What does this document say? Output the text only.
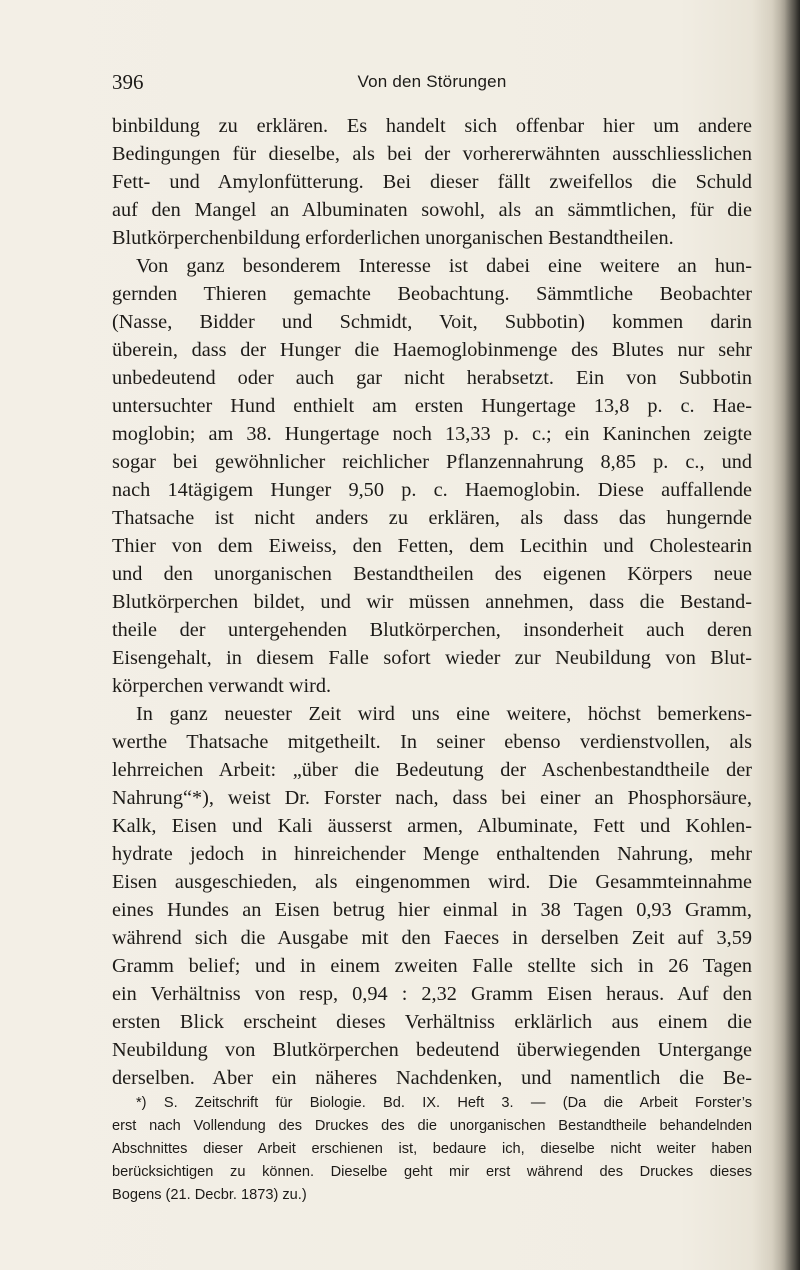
396	Von den Störungen
binbildung zu erklären. Es handelt sich offenbar hier um andere
Bedingungen für dieselbe, als bei der vorhererwähnten ausschliesslichen
Fett- und Amylonfütterung. Bei dieser fällt zweifellos die Schuld
auf den Mangel an Albuminaten sowohl, als an sämmtlichen, für die
Blutkörperchenbildung erforderlichen unorganischen Bestandtheilen.
Von ganz besonderem Interesse ist dabei eine weitere an hun-
gernden Thieren gemachte Beobachtung. Sämmtliche Beobachter
(Nasse, Bidder und Schmidt, Voit, Subbotin) kommen darin
überein, dass der Hunger die Haemoglobinmenge des Blutes nur sehr
unbedeutend oder auch gar nicht herabsetzt. Ein von Subbotin
untersuchter Hund enthielt am ersten Hungertage 13,8 p. c. Hae-
moglobin; am 38. Hungertage noch 13,33 p. c.; ein Kaninchen zeigte
sogar bei gewöhnlicher reichlicher Pflanzennahrung 8,85 p. c., und
nach 14tägigem Hunger 9,50 p. c. Haemoglobin. Diese auffallende
Thatsache ist nicht anders zu erklären, als dass das hungernde
Thier von dem Eiweiss, den Fetten, dem Lecithin und Cholestearin
und den unorganischen Bestandtheilen des eigenen Körpers neue
Blutkörperchen bildet, und wir müssen annehmen, dass die Bestand-
theile der untergehenden Blutkörperchen, insonderheit auch deren
Eisengehalt, in diesem Falle sofort wieder zur Neubildung von Blut-
körperchen verwandt wird.
In ganz neuester Zeit wird uns eine weitere, höchst bemerkens-
werthe Thatsache mitgetheilt. In seiner ebenso verdienstvollen, als
lehrreichen Arbeit: „über die Bedeutung der Aschenbestandtheile der
Nahrung“*), weist Dr. Forster nach, dass bei einer an Phosphorsäure,
Kalk, Eisen und Kali äusserst armen, Albuminate, Fett und Kohlen-
hydrate jedoch in hinreichender Menge enthaltenden Nahrung, mehr
Eisen ausgeschieden, als eingenommen wird. Die Gesammteinnahme
eines Hundes an Eisen betrug hier einmal in 38 Tagen 0,93 Gramm,
während sich die Ausgabe mit den Faeces in derselben Zeit auf 3,59
Gramm belief; und in einem zweiten Falle stellte sich in 26 Tagen
ein Verhältniss von resp, 0,94 : 2,32 Gramm Eisen heraus. Auf den
ersten Blick erscheint dieses Verhältniss erklärlich aus einem die
Neubildung von Blutkörperchen bedeutend überwiegenden Untergange
derselben. Aber ein näheres Nachdenken, und namentlich die Be-
*) S. Zeitschrift für Biologie. Bd. IX. Heft 3. — (Da die Arbeit Forster’s
erst nach Vollendung des Druckes des die unorganischen Bestandtheile behandelnden
Abschnittes dieser Arbeit erschienen ist, bedaure ich, dieselbe nicht weiter haben
berücksichtigen zu können. Dieselbe geht mir erst während des Druckes dieses
Bogens (21. Decbr. 1873) zu.)
